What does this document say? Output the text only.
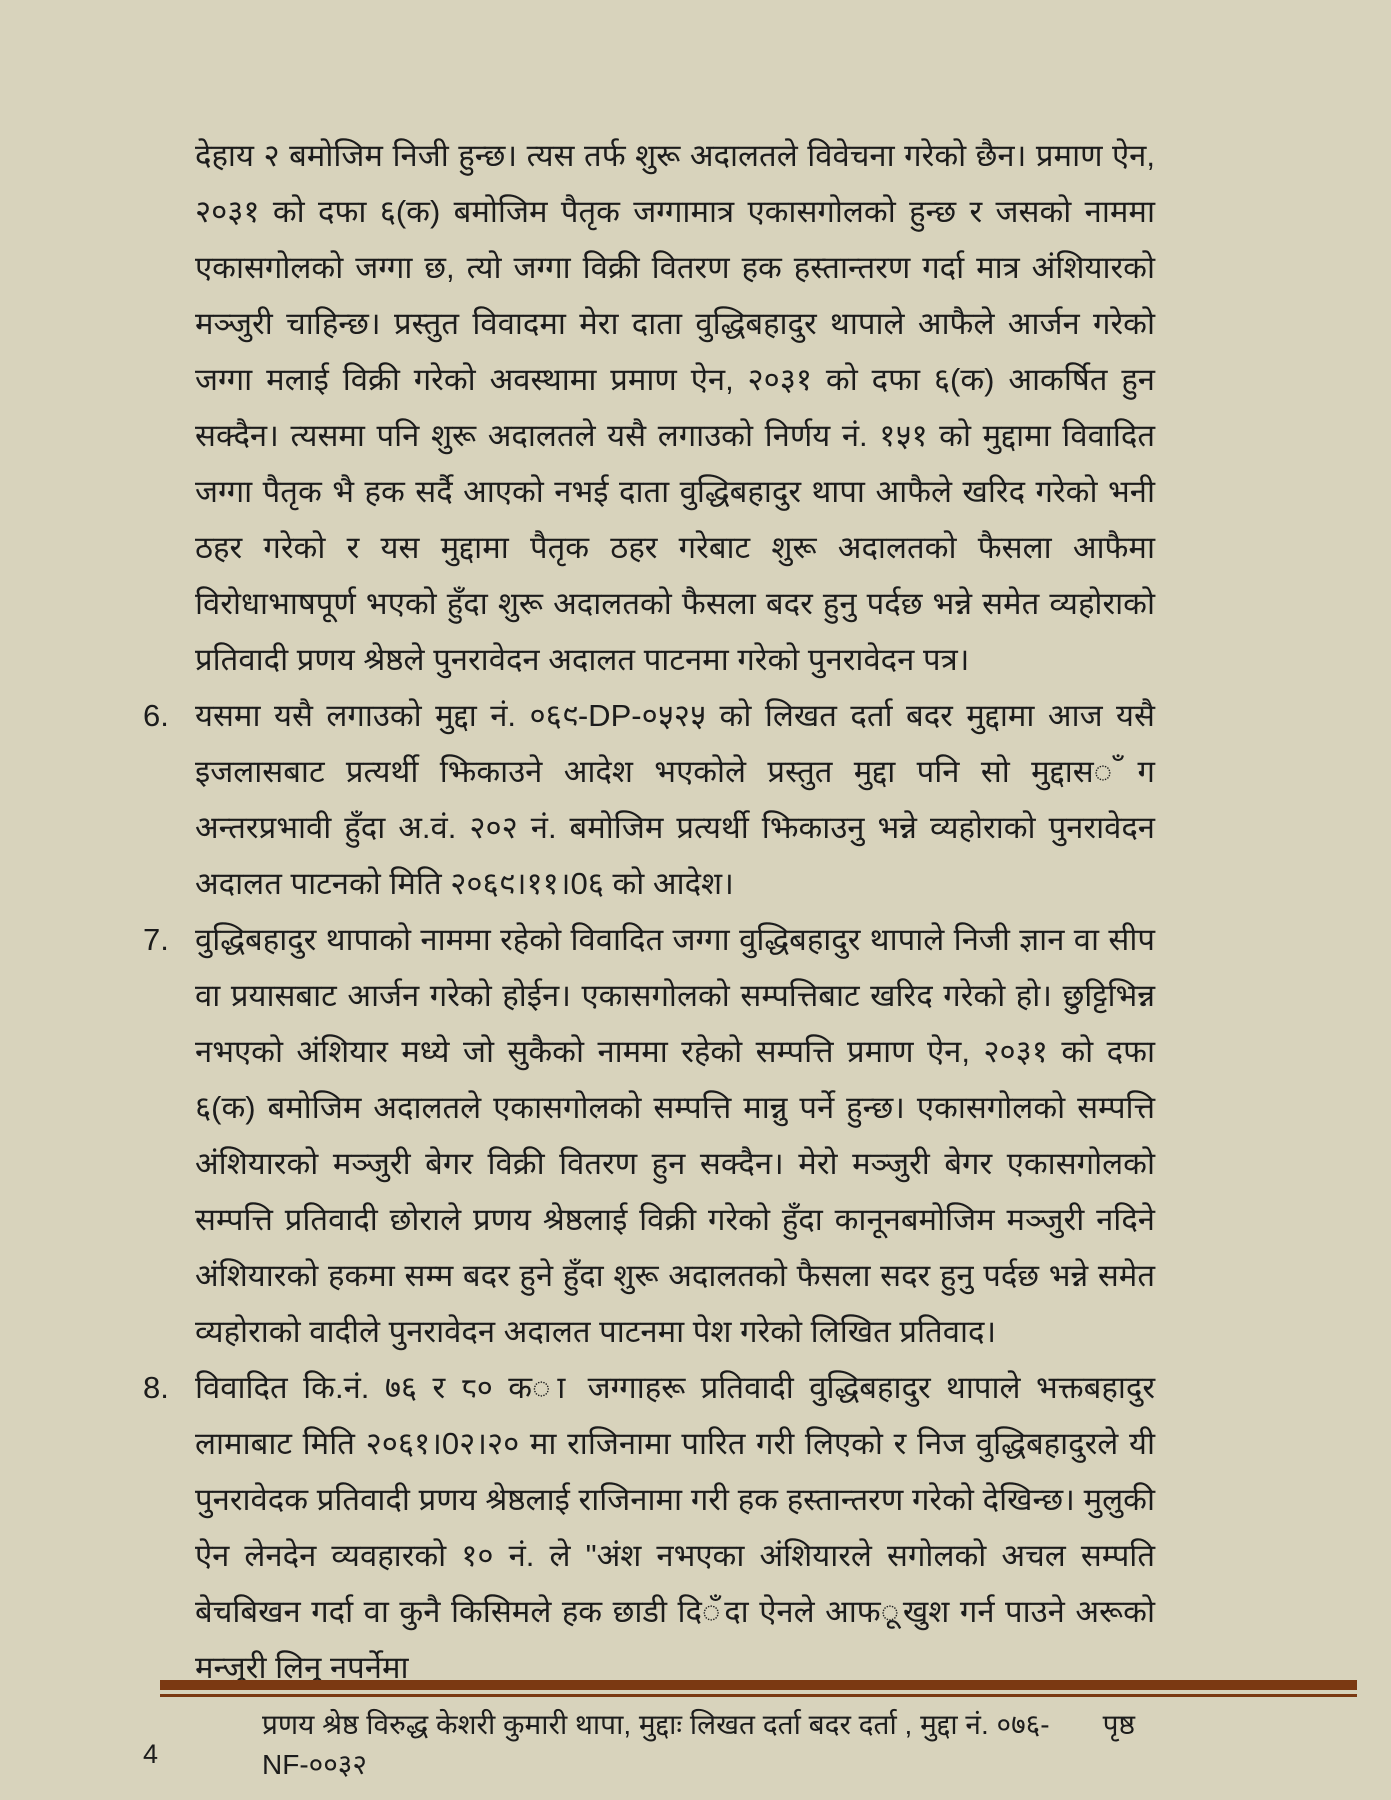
देहाय २ बमोजिम निजी हुन्छ। त्यस तर्फ शुरू अदालतले विवेचना गरेको छैन। प्रमाण ऐन, २०३१ को दफा ६(क) बमोजिम पैतृक जग्गामात्र एकासगोलको हुन्छ र जसको नाममा एकासगोलको जग्गा छ, त्यो जग्गा विक्री वितरण हक हस्तान्तरण गर्दा मात्र अंशियारको मञ्जुरी चाहिन्छ। प्रस्तुत विवादमा मेरा दाता वुद्धिबहादुर थापाले आफैले आर्जन गरेको जग्गा मलाई विक्री गरेको अवस्थामा प्रमाण ऐन, २०३१ को दफा ६(क) आकर्षित हुन सक्दैन। त्यसमा पनि शुरू अदालतले यसै लगाउको निर्णय नं. १५१ को मुद्दामा विवादित जग्गा पैतृक भै हक सर्दै आएको नभई दाता वुद्धिबहादुर थापा आफैले खरिद गरेको भनी ठहर गरेको र यस मुद्दामा पैतृक ठहर गरेबाट शुरू अदालतको फैसला आफैमा विरोधाभाषपूर्ण भएको हुँदा शुरू अदालतको फैसला बदर हुनु पर्दछ भन्ने समेत व्यहोराको प्रतिवादी प्रणय श्रेष्ठले पुनरावेदन अदालत पाटनमा गरेको पुनरावेदन पत्र।

6. यसमा यसै लगाउको मुद्दा नं. ०६९-DP-०५२५ को लिखत दर्ता बदर मुद्दामा आज यसै इजलासबाट प्रत्यर्थी झिकाउने आदेश भएकोले प्रस्तुत मुद्दा पनि सो मुद्दास◌ँग अन्तरप्रभावी हुँदा अ.वं. २०२ नं. बमोजिम प्रत्यर्थी झिकाउनु भन्ने व्यहोराको पुनरावेदन अदालत पाटनको मिति २०६९।११।0६ को आदेश।

7. वुद्धिबहादुर थापाको नाममा रहेको विवादित जग्गा वुद्धिबहादुर थापाले निजी ज्ञान वा सीप वा प्रयासबाट आर्जन गरेको होईन। एकासगोलको सम्पत्तिबाट खरिद गरेको हो। छुट्टिभिन्न नभएको अंशियार मध्ये जो सुकैको नाममा रहेको सम्पत्ति प्रमाण ऐन, २०३१ को दफा ६(क) बमोजिम अदालतले एकासगोलको सम्पत्ति मान्नु पर्ने हुन्छ। एकासगोलको सम्पत्ति अंशियारको मञ्जुरी बेगर विक्री वितरण हुन सक्दैन। मेरो मञ्जुरी बेगर एकासगोलको सम्पत्ति प्रतिवादी छोराले प्रणय श्रेष्ठलाई विक्री गरेको हुँदा कानूनबमोजिम मञ्जुरी नदिने अंशियारको हकमा सम्म बदर हुने हुँदा शुरू अदालतको फैसला सदर हुनु पर्दछ भन्ने समेत व्यहोराको वादीले पुनरावेदन अदालत पाटनमा पेश गरेको लिखित प्रतिवाद।

8. विवादित कि.नं. ७६ र ८० क◌ा जग्गाहरू प्रतिवादी वुद्धिबहादुर थापाले भक्तबहादुर लामाबाट मिति २०६१।0२।२० मा राजिनामा पारित गरी लिएको र निज वुद्धिबहादुरले यी पुनरावेदक प्रतिवादी प्रणय श्रेष्ठलाई राजिनामा गरी हक हस्तान्तरण गरेको देखिन्छ। मुलुकी ऐन लेनदेन व्यवहारको १० नं. ले "अंश नभएका अंशियारले सगोलको अचल सम्पति बेचबिखन गर्दा वा कुनै किसिमले हक छाडी दि◌ँदा ऐनले आफ◌ूखुश गर्न पाउने अरूको मन्जुरी लिनु नपर्नेमा

प्रणय श्रेष्ठ विरुद्ध केशरी कुमारी थापा, मुद्दाः लिखत दर्ता बदर दर्ता , मुद्दा नं. ०७६-NF-००३२
पृष्ठ
4
